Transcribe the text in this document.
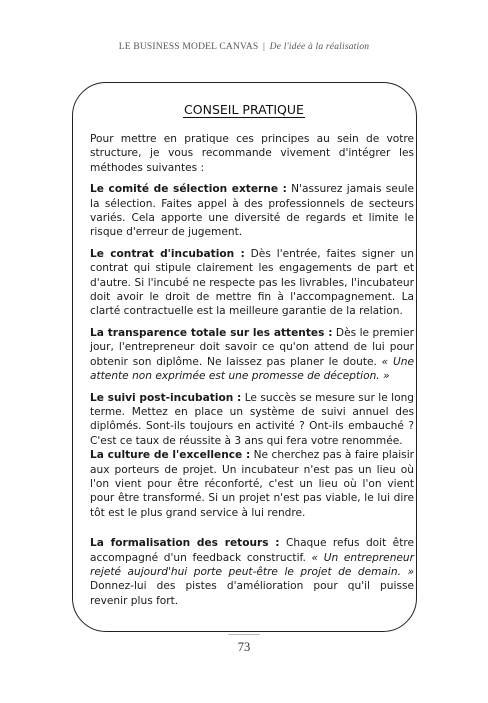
LE BUSINESS MODEL CANVAS | De l'idée à la réalisation
CONSEIL PRATIQUE

Pour mettre en pratique ces principes au sein de votre structure, je vous recommande vivement d'intégrer les méthodes suivantes :

Le comité de sélection externe : N'assurez jamais seule la sélection. Faites appel à des professionnels de secteurs variés. Cela apporte une diversité de regards et limite le risque d'erreur de jugement.

Le contrat d'incubation : Dès l'entrée, faites signer un contrat qui stipule clairement les engagements de part et d'autre. Si l'incubé ne respecte pas les livrables, l'incubateur doit avoir le droit de mettre fin à l'accompagnement. La clarté contractuelle est la meilleure garantie de la relation.

La transparence totale sur les attentes : Dès le premier jour, l'entrepreneur doit savoir ce qu'on attend de lui pour obtenir son diplôme. Ne laissez pas planer le doute. « Une attente non exprimée est une promesse de déception. »

Le suivi post-incubation : Le succès se mesure sur le long terme. Mettez en place un système de suivi annuel des diplômés. Sont-ils toujours en activité ? Ont-ils embauché ? C'est ce taux de réussite à 3 ans qui fera votre renommée.

La culture de l'excellence : Ne cherchez pas à faire plaisir aux porteurs de projet. Un incubateur n'est pas un lieu où l'on vient pour être réconforté, c'est un lieu où l'on vient pour être transformé. Si un projet n'est pas viable, le lui dire tôt est le plus grand service à lui rendre.

La formalisation des retours : Chaque refus doit être accompagné d'un feedback constructif. « Un entrepreneur rejeté aujourd'hui porte peut-être le projet de demain. » Donnez-lui des pistes d'amélioration pour qu'il puisse revenir plus fort.

73
